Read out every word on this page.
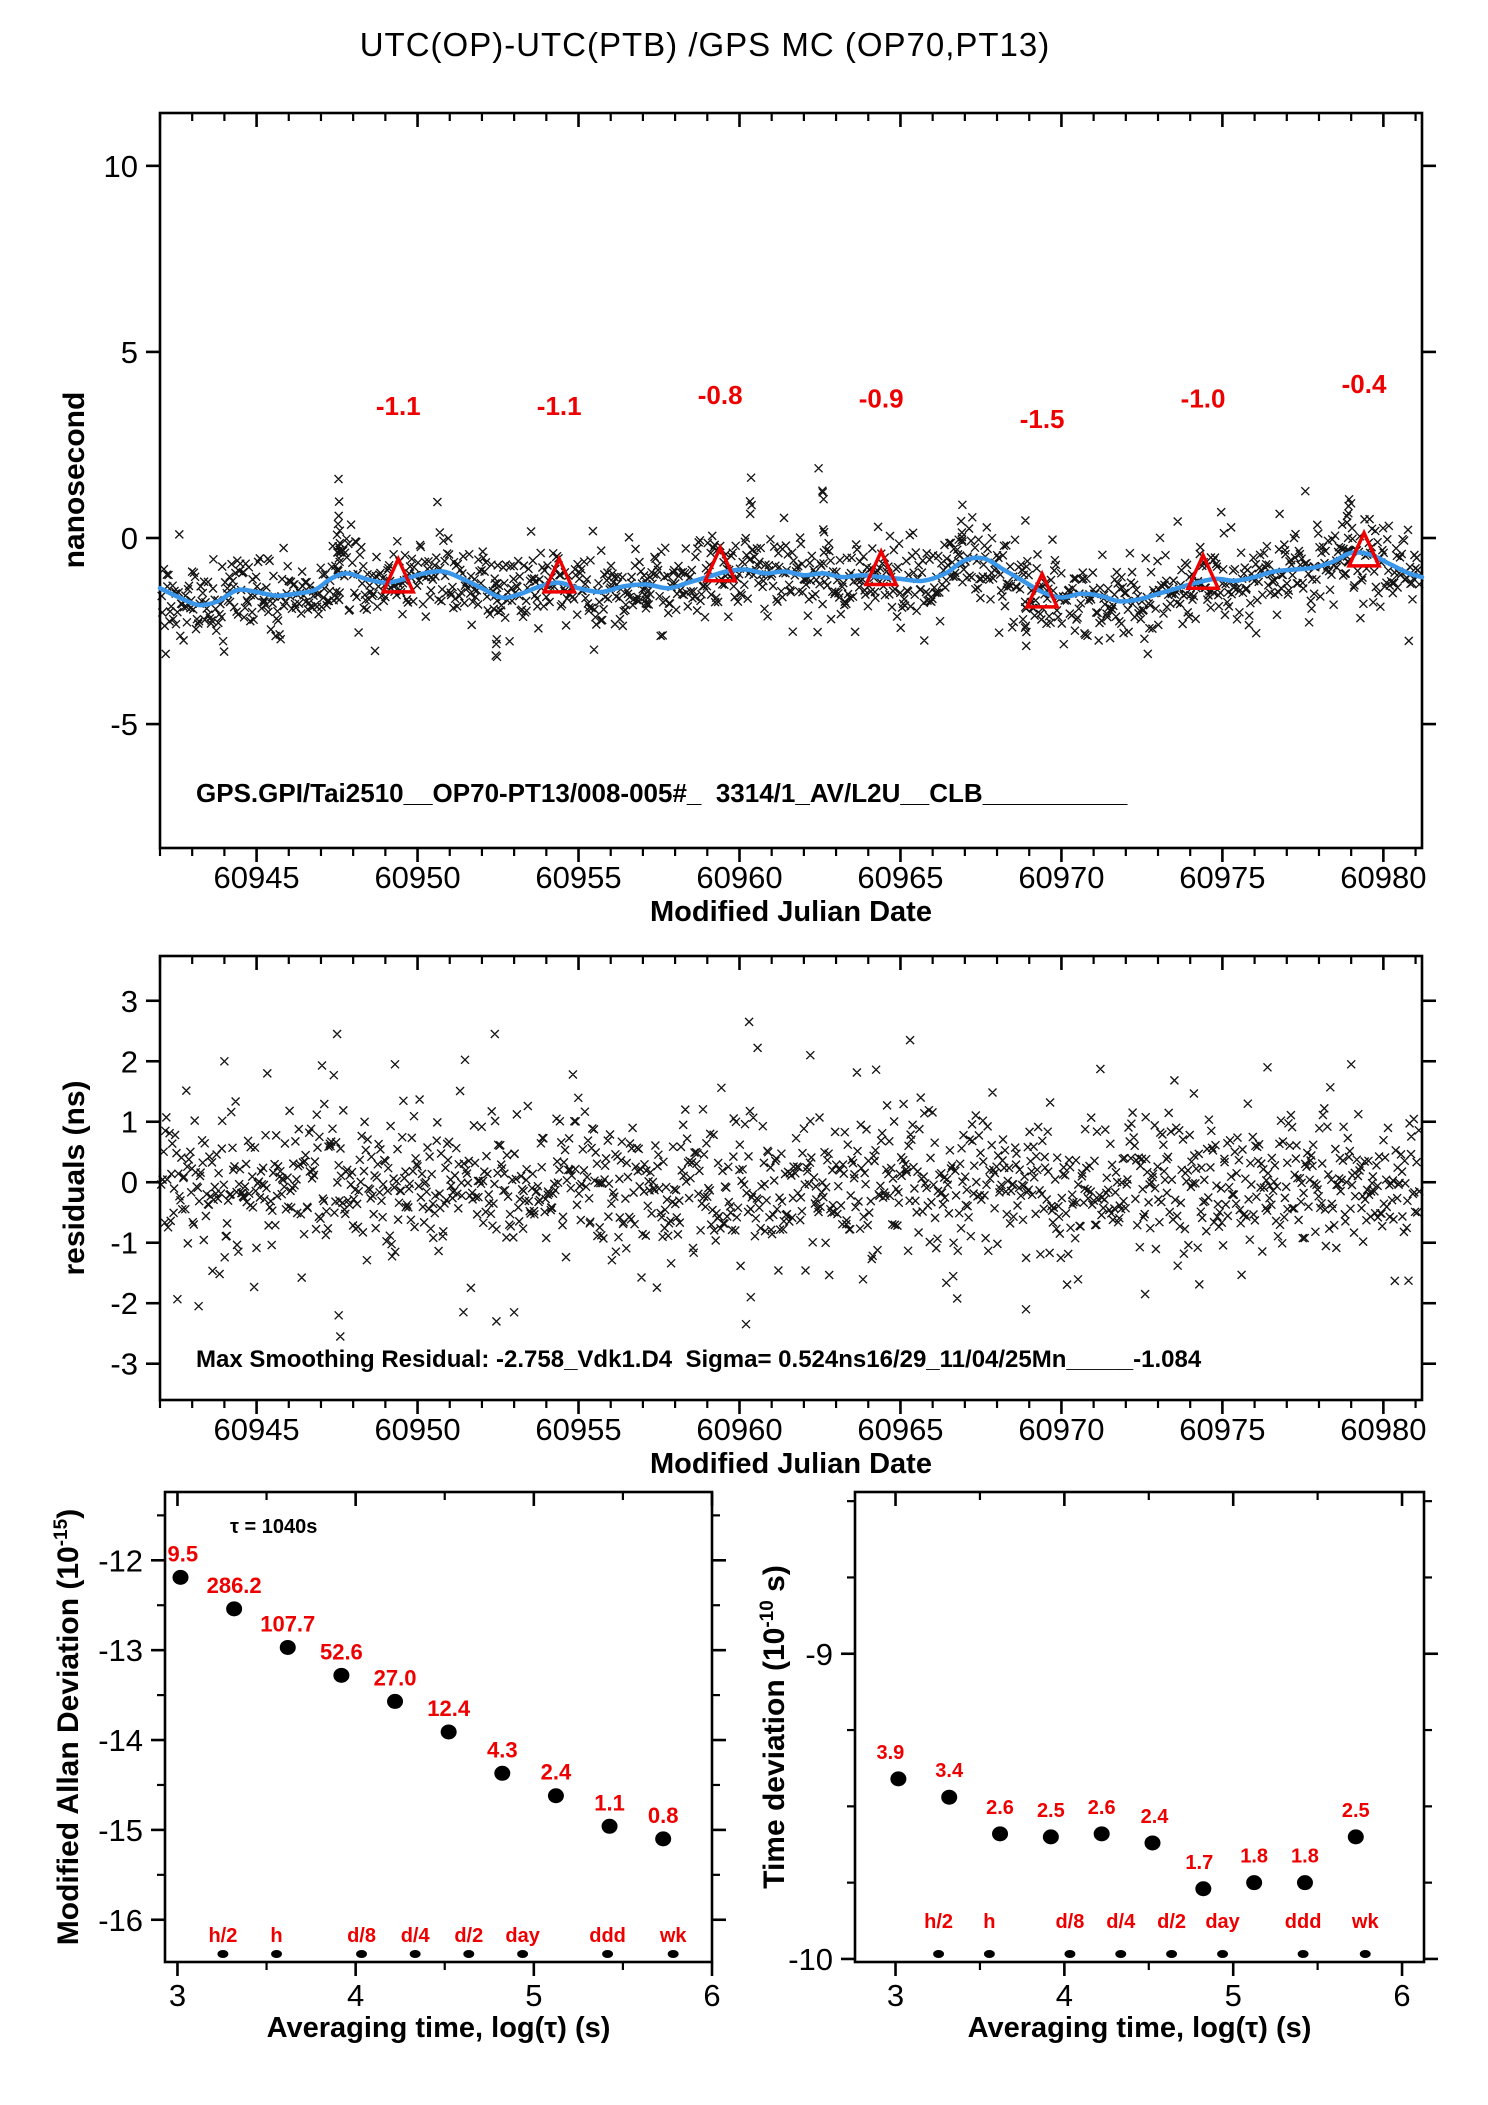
UTC(OP)-UTC(PTB) /GPS MC (OP70,PT13)
60945 60950 60955 60960 60965 60970 60975 60980
-5
0
5
10
-1.1	-1.1	-0.8	-0.9
-1.5
-1.0	-0.4
60945 60950 60955 60960 60965 60970 60975 60980
-3
-2
-1
0
1
2
3
3	4	5	6
-16
-15
-14
-13
-12 9.5
286.2
107.7
52.6
27.0
12.4
4.3
2.4
1.1
0.8
h/2 h	d/8 d/4 d/2 day ddd wk
3	4	5	6
-10
-9
3.9
3.4
2.6 2.5 2.6 2.4
1.7 1.8 1.8
2.5
h/2 h	d/8 d/4 d/2 day ddd wk
nanosecond
residuals (ns)
Modified Allan Deviation $(10^{-15})$
Time deviation ($10^{-10}$ s)
Modified Julian Date
Modified Julian Date
Averaging time, log(τ) (s)	Averaging time, log(τ) (s)
GPS.GPI/Tai2510__OP70-PT13/008-005#_  3314/1_AV/L2U__CLB__________
Max Smoothing Residual: -2.758_Vdk1.D4  Sigma= 0.524ns16/29_11/04/25Mn_____-1.084
τ = 1040s
